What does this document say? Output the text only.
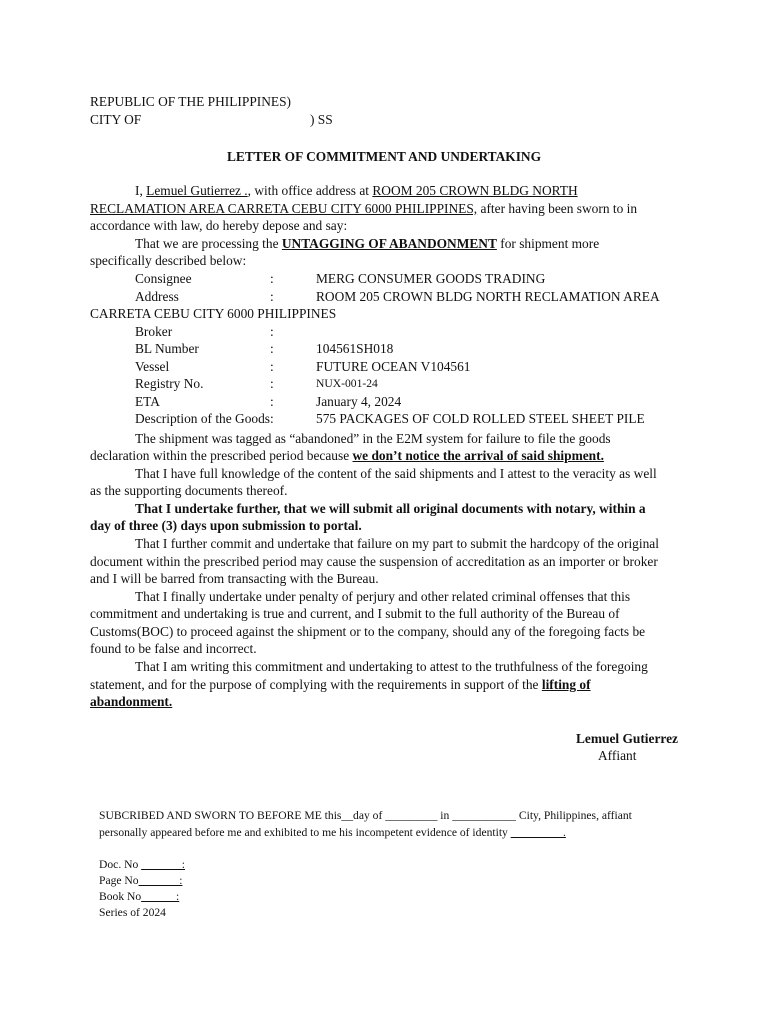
REPUBLIC OF THE PHILIPPINES)
CITY OF	) SS
LETTER OF COMMITMENT AND UNDERTAKING
I, Lemuel Gutierrez ., with office address at ROOM 205 CROWN BLDG NORTH
RECLAMATION AREA CARRETA CEBU CITY 6000 PHILIPPINES, after having been sworn to in
accordance with law, do hereby depose and say:
That we are processing the UNTAGGING OF ABANDONMENT for shipment more
specifically described below:
Consignee	:	MERG CONSUMER GOODS TRADING
Address	:	ROOM 205 CROWN BLDG NORTH RECLAMATION AREA
CARRETA CEBU CITY 6000 PHILIPPINES
Broker	:
BL Number	:	104561SH018
Vessel	:	FUTURE OCEAN V104561
Registry No.	:	NUX-001-24
ETA	:	January 4, 2024
Description of the Goods:	575 PACKAGES OF COLD ROLLED STEEL SHEET PILE
The shipment was tagged as “abandoned” in the E2M system for failure to file the goods
declaration within the prescribed period because we don’t notice the arrival of said shipment.
That I have full knowledge of the content of the said shipments and I attest to the veracity as well
as the supporting documents thereof.
That I undertake further, that we will submit all original documents with notary, within a
day of three (3) days upon submission to portal.
That I further commit and undertake that failure on my part to submit the hardcopy of the original
document within the prescribed period may cause the suspension of accreditation as an importer or broker
and I will be barred from transacting with the Bureau.
That I finally undertake under penalty of perjury and other related criminal offenses that this
commitment and undertaking is true and current, and I submit to the full authority of the Bureau of
Customs(BOC) to proceed against the shipment or to the company, should any of the foregoing facts be
found to be false and incorrect.
That I am writing this commitment and undertaking to attest to the truthfulness of the foregoing
statement, and for the purpose of complying with the requirements in support of the lifting of
abandonment.
Lemuel Gutierrez
Affiant
SUBCRIBED AND SWORN TO BEFORE ME this__day of _________ in ___________ City, Philippines, affiant
personally appeared before me and exhibited to me his incompetent evidence of identity _________.
Doc. No _______:
Page No_______:
Book No______:
Series of 2024
